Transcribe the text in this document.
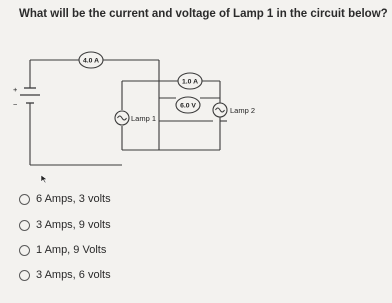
What will be the current and voltage of Lamp 1 in the circuit below?
+
−
4.0 A
1.0 A
6.0 V
Lamp 1
Lamp 2
6 Amps, 3 volts
3 Amps, 9 volts
1 Amp, 9 Volts
3 Amps, 6 volts
